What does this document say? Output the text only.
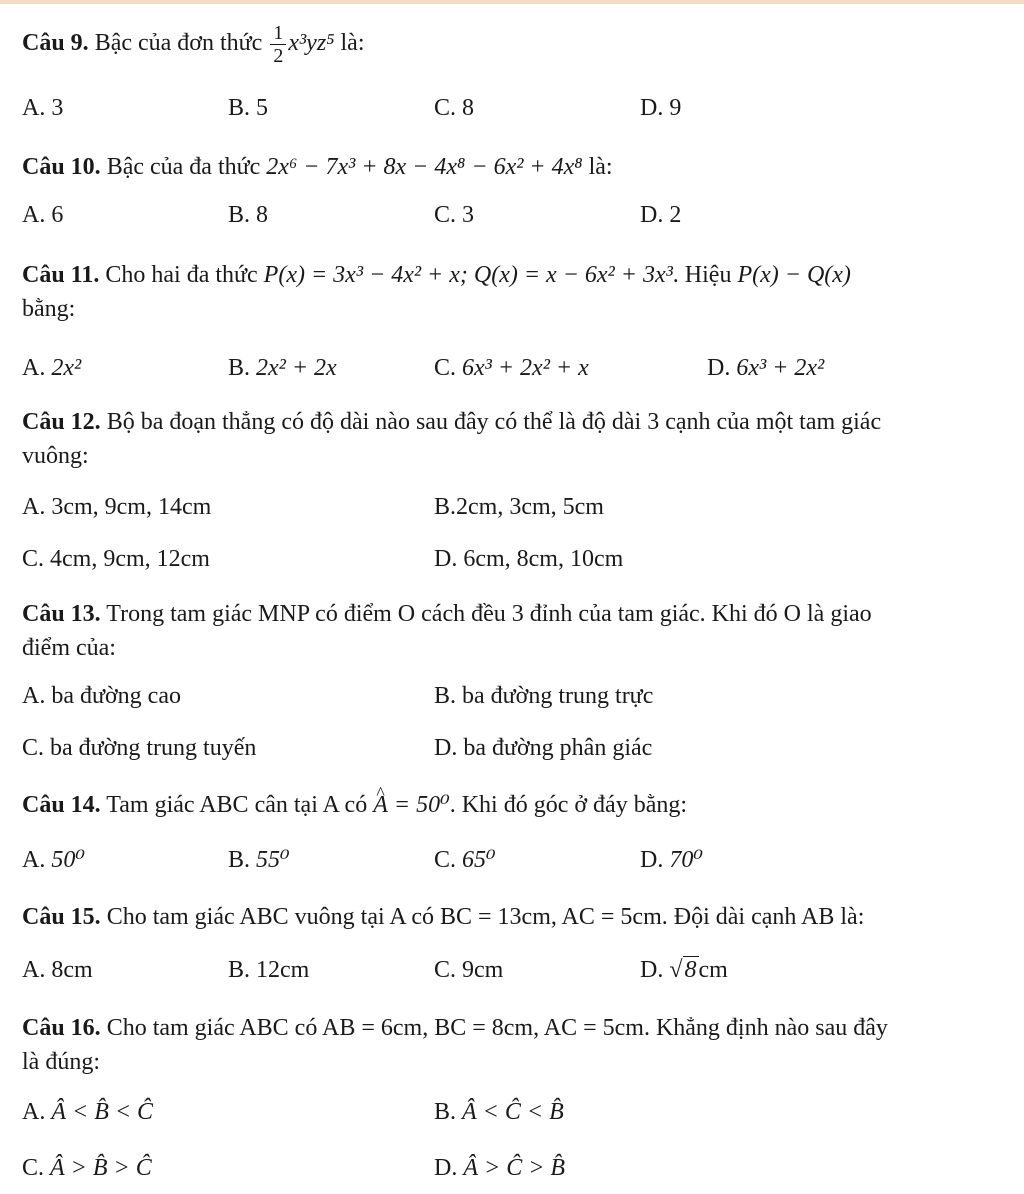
Câu 9. Bậc của đơn thức $\frac{1}{2} x^3yz^5$ là:
A. 3	B. 5	C. 8	D. 9
Câu 10. Bậc của đa thức 2x⁶ − 7x³ + 8x − 4x⁸ − 6x² + 4x⁸ là:
A. 6	B. 8	C. 3	D. 2
Câu 11. Cho hai đa thức P(x) = 3x³ − 4x² + x; Q(x) = x − 6x² + 3x³. Hiệu P(x) − Q(x)
bằng:
A. 2x²	B. 2x² + 2x	C. 6x³ + 2x² + x	D. 6x³ + 2x²
Câu 12. Bộ ba đoạn thẳng có độ dài nào sau đây có thể là độ dài 3 cạnh của một tam giác
vuông:
A. 3cm, 9cm, 14cm	B.2cm, 3cm, 5cm
C. 4cm, 9cm, 12cm	D. 6cm, 8cm, 10cm
Câu 13. Trong tam giác MNP có điểm O cách đều 3 đỉnh của tam giác. Khi đó O là giao
điểm của:
A. ba đường cao	B. ba đường trung trực
C. ba đường trung tuyến	D. ba đường phân giác
Câu 14. Tam giác ABC cân tại A có ^ A = 50⁰. Khi đó góc ở đáy bằng:
A. 50⁰	B. 55⁰	C. 65⁰	D. 70⁰
Câu 15. Cho tam giác ABC vuông tại A có BC = 13cm, AC = 5cm. Đội dài cạnh AB là:
A. 8cm	B. 12cm	C. 9cm	D. √8cm
Câu 16. Cho tam giác ABC có AB = 6cm, BC = 8cm, AC = 5cm. Khẳng định nào sau đây
là đúng:
A. Â < B̂ < Ĉ	B. Â < Ĉ < B̂
C. Â > B̂ > Ĉ	D. Â > Ĉ > B̂
